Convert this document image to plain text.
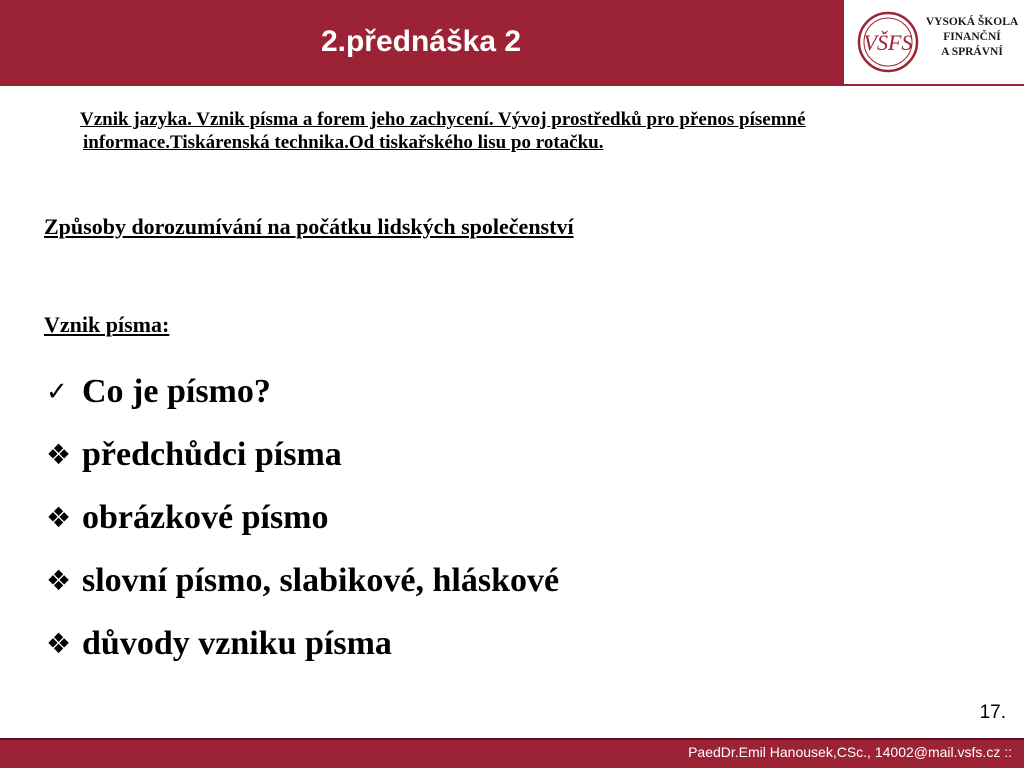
2.přednáška 2	VŠFS
VYSOKÁ ŠKOLA
FINANČNÍ
A SPRÁVNÍ
Vznik jazyka. Vznik písma a forem jeho zachycení. Vývoj prostředků pro přenos písemné
informace.Tiskárenská technika.Od tiskařského lisu po rotačku.
Způsoby dorozumívání na počátku lidských společenství
Vznik písma:
✓ Co je písmo?
❖ předchůdci písma
❖ obrázkové písmo
❖ slovní písmo, slabikové, hláskové
❖ důvody vzniku písma
17.
PaedDr.Emil Hanousek,CSc., 14002@mail.vsfs.cz ::
